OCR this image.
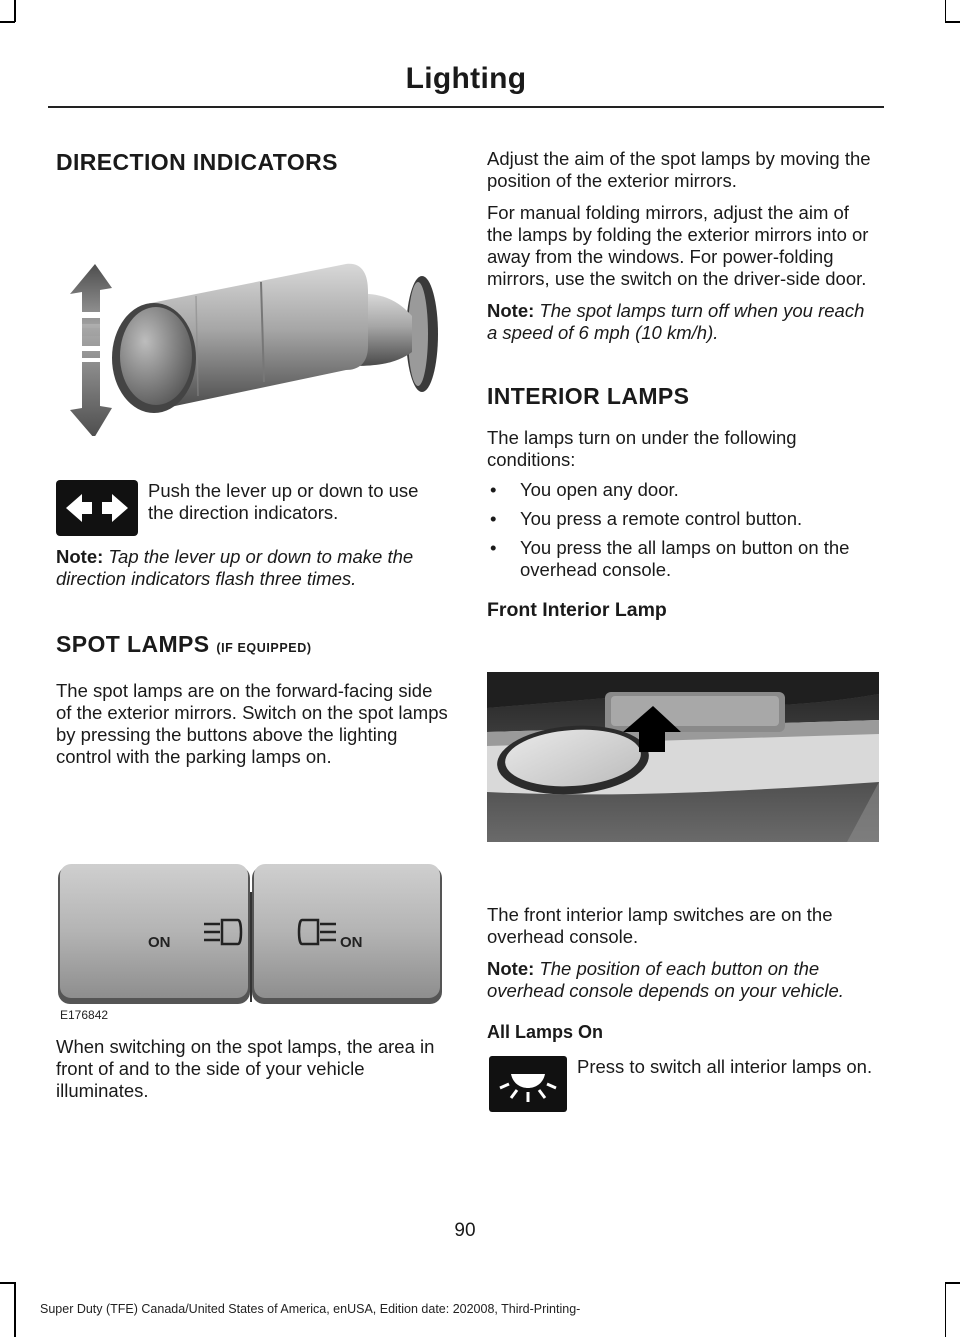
Lighting
DIRECTION INDICATORS

Push the lever up or down to use the direction indicators.

Note: Tap the lever up or down to make the direction indicators flash three times.

SPOT LAMPS (IF EQUIPPED)

The spot lamps are on the forward-facing side of the exterior mirrors. Switch on the spot lamps by pressing the buttons above the lighting control with the parking lamps on.

ON	ON
E176842

When switching on the spot lamps, the area in front of and to the side of your vehicle illuminates.

Adjust the aim of the spot lamps by moving the position of the exterior mirrors.

For manual folding mirrors, adjust the aim of the lamps by folding the exterior mirrors into or away from the windows. For power-folding mirrors, use the switch on the driver-side door.

Note: The spot lamps turn off when you reach a speed of 6 mph (10 km/h).

INTERIOR LAMPS

The lamps turn on under the following conditions:

• You open any door.
• You press a remote control button.
• You press the all lamps on button on the overhead console.
Front Interior Lamp

The front interior lamp switches are on the overhead console.

Note: The position of each button on the overhead console depends on your vehicle.

All Lamps On

Press to switch all interior lamps on.

90
Super Duty (TFE) Canada/United States of America, enUSA, Edition date: 202008, Third-Printing-
